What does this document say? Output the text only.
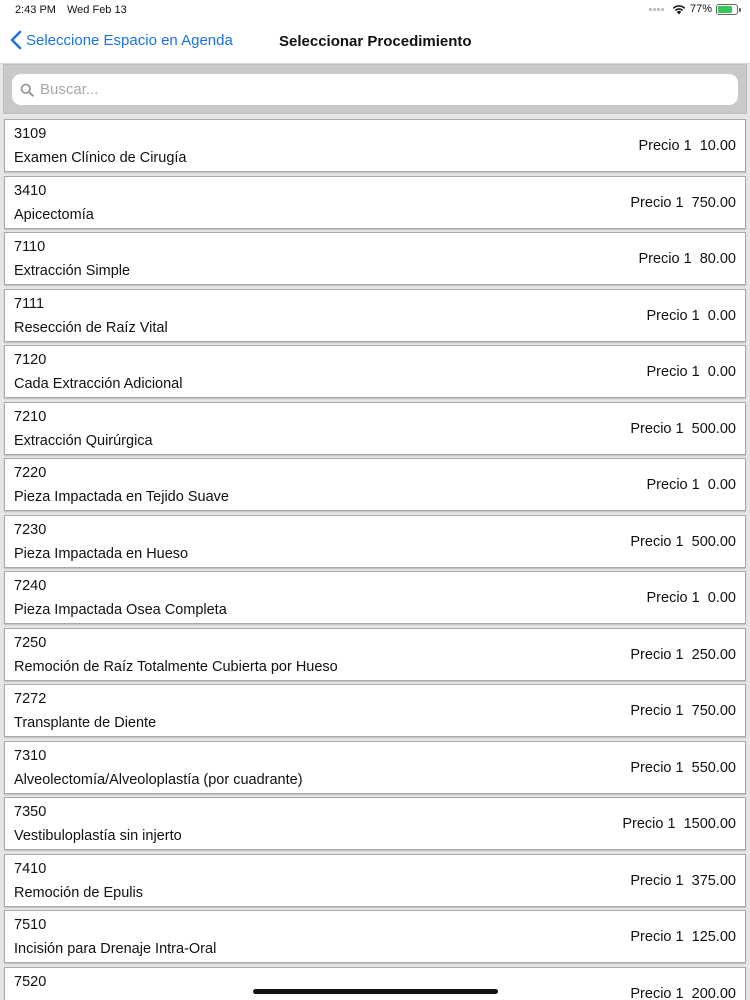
2:43 PM Wed Feb 13	77%
Seleccione Espacio en Agenda	Seleccionar Procedimiento
Buscar...
3109
Examen Clínico de Cirugía
Precio 1  10.00
3410
Apicectomía
Precio 1  750.00
7110
Extracción Simple
Precio 1  80.00
7111
Resección de Raíz Vital
Precio 1  0.00
7120
Cada Extracción Adicional
Precio 1  0.00
7210
Extracción Quirúrgica
Precio 1  500.00
7220
Pieza Impactada en Tejido Suave
Precio 1  0.00
7230
Pieza Impactada en Hueso
Precio 1  500.00
7240
Pieza Impactada Osea Completa
Precio 1  0.00
7250
Remoción de Raíz Totalmente Cubierta por Hueso
Precio 1  250.00
7272
Transplante de Diente
Precio 1  750.00
7310
Alveolectomía/Alveoloplastía (por cuadrante)
Precio 1  550.00
7350
Vestibuloplastía sin injerto
Precio 1  1500.00
7410
Remoción de Epulis
Precio 1  375.00
7510
Incisión para Drenaje Intra-Oral
Precio 1  125.00
7520
Precio 1  200.00
